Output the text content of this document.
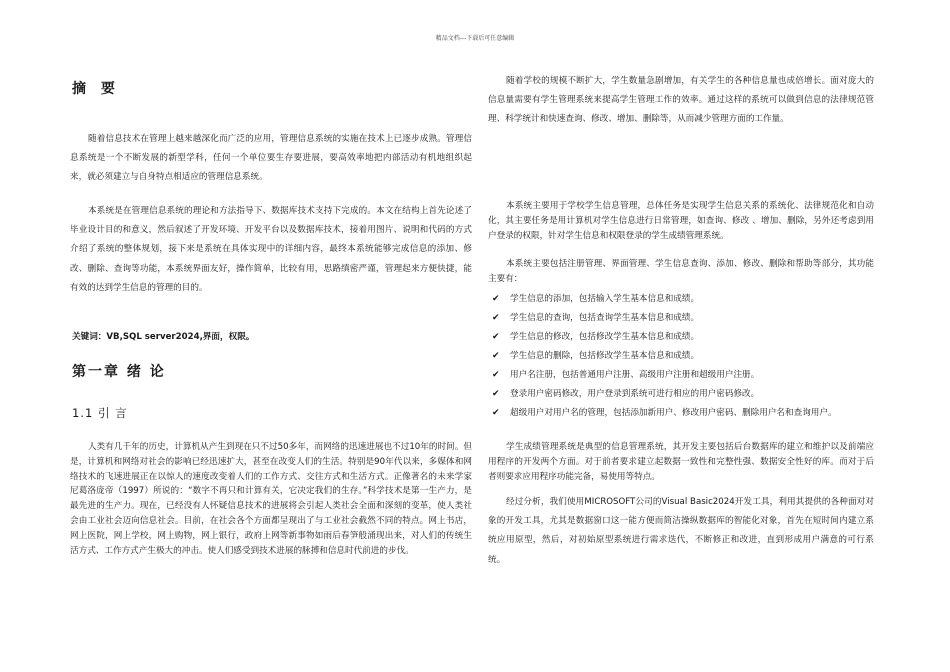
精品文档---下载后可任意编辑
摘 要

随着信息技术在管理上越来越深化而广泛的应用，管理信息系统的实施在技术上已逐步成熟。管理信息系统是一个不断发展的新型学科，任何一个单位要生存要进展，要高效率地把内部活动有机地组织起来，就必须建立与自身特点相适应的管理信息系统。

本系统是在管理信息系统的理论和方法指导下、数据库技术支持下完成的。本文在结构上首先论述了毕业设计目的和意义，然后叙述了开发环境、开发平台以及数据库技术，接着用图片、说明和代码的方式介绍了系统的整体规划，接下来是系统在具体实现中的详细内容，最终本系统能够完成信息的添加、修改、删除、查询等功能，本系统界面友好，操作简单，比较有用，思路缜密严谨，管理起来方便快捷，能有效的达到学生信息的管理的目的。

关键词：VB,SQL server2024,界面，权限。
第一章 绪 论
1.1 引 言

人类有几千年的历史，计算机从产生到现在只不过50多年，而网络的迅速进展也不过10年的时间。但是，计算机和网络对社会的影响已经迅速扩大，甚至在改变人们的生活。特别是90年代以来，多媒体和网络技术的飞速进展正在以惊人的速度改变着人们的工作方式、交往方式和生活方式。正像著名的未来学家尼葛洛庞帝（1997）所说的：“数字不再只和计算有关，它决定我们的生存。”科学技术是第一生产力，是最先进的生产力。现在，已经没有人怀疑信息技术的进展将会引起人类社会全面和深刻的变革，使人类社会由工业社会迈向信息社会。目前，在社会各个方面都呈现出了与工业社会截然不同的特点。网上书店，网上医院，网上学校，网上购物，网上银行，政府上网等新事物如雨后春笋般涌现出来，对人们的传统生活方式、工作方式产生极大的冲击。使人们感受到技术进展的脉搏和信息时代前进的步伐。

随着学校的规模不断扩大，学生数量急剧增加，有关学生的各种信息量也成倍增长。面对庞大的信息量需要有学生管理系统来提高学生管理工作的效率。通过这样的系统可以做到信息的法律规范管理、科学统计和快速查询、修改、增加、删除等，从而减少管理方面的工作量。

本系统主要用于学校学生信息管理，总体任务是实现学生信息关系的系统化、法律规范化和自动化，其主要任务是用计算机对学生信息进行日常管理，如查询、修改 、增加、删除，另外还考虑到用户登录的权限，针对学生信息和权限登录的学生成绩管理系统。

本系统主要包括注册管理、界面管理、学生信息查询、添加、修改、删除和帮助等部分，其功能主要有：

✔	学生信息的添加，包括输入学生基本信息和成绩。
✔	学生信息的查询，包括查询学生基本信息和成绩。
✔	学生信息的修改，包括修改学生基本信息和成绩。
✔	学生信息的删除，包括修改学生基本信息和成绩。
✔	用户名注册，包括普通用户注册、高级用户注册和超级用户注册。
✔	登录用户密码修改，用户登录到系统可进行相应的用户密码修改。
✔	超级用户对用户名的管理，包括添加新用户、修改用户密码、删除用户名和查询用户。

学生成绩管理系统是典型的信息管理系统，其开发主要包括后台数据库的建立和维护以及前端应用程序的开发两个方面。对于前者要求建立起数据一致性和完整性强、数据安全性好的库。而对于后者则要求应用程序功能完备，易使用等特点。

经过分析，我们使用MICROSOFT公司的Visual Basic2024开发工具，利用其提供的各种面对对象的开发工具，尤其是数据窗口这一能方便而简洁操纵数据库的智能化对象，首先在短时间内建立系统应用原型，然后，对初始原型系统进行需求迭代，不断修正和改进，直到形成用户满意的可行系统。
